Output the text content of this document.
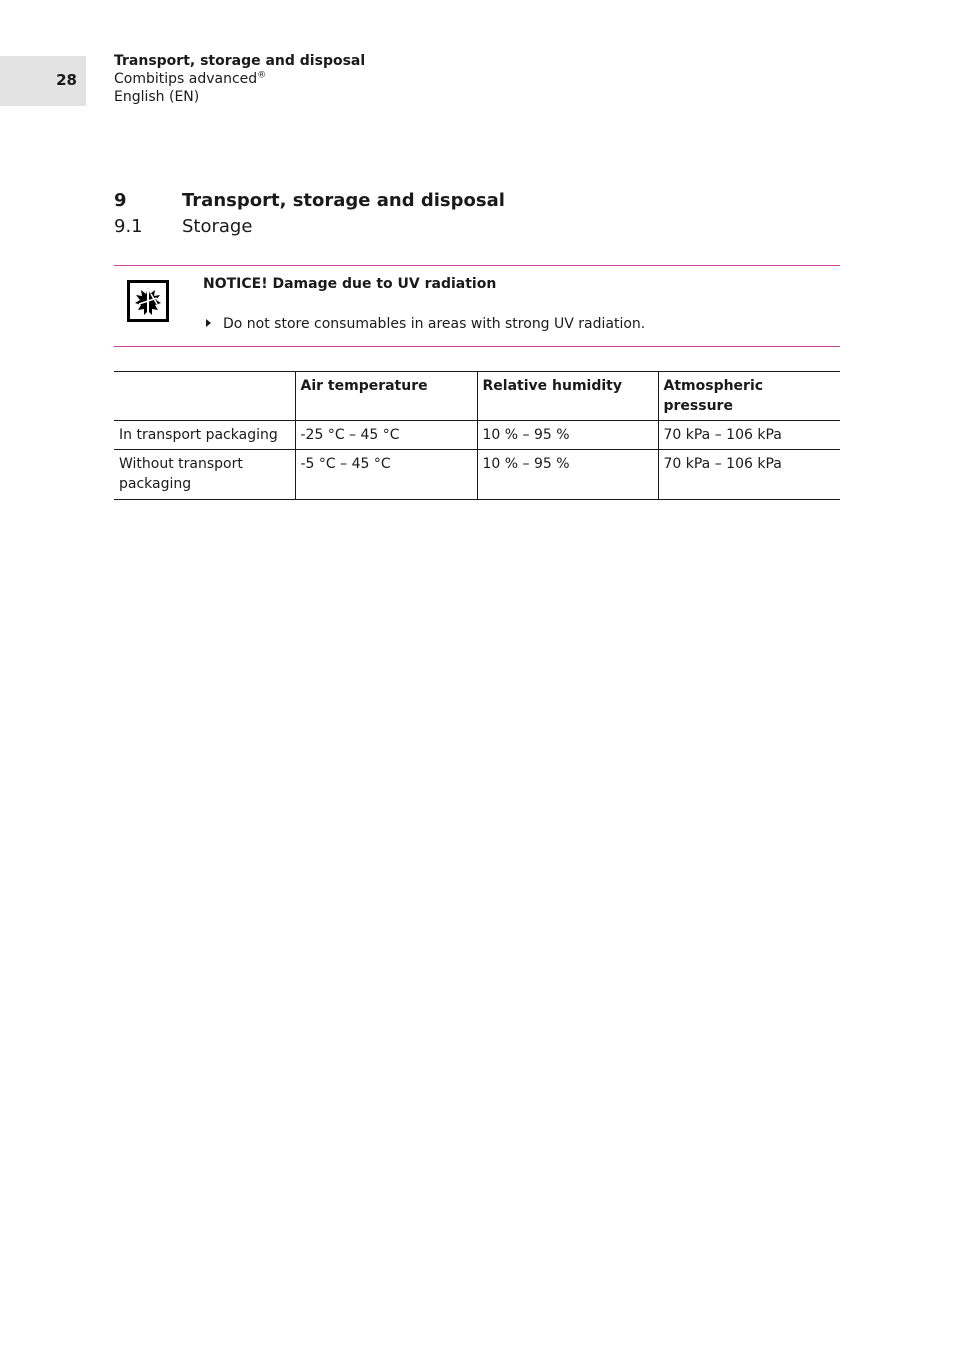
28
Transport, storage and disposal
Combitips advanced®
English (EN)
9	Transport, storage and disposal
9.1 Storage
NOTICE! Damage due to UV radiation
Do not store consumables in areas with strong UV radiation.
	Air temperature	Relative humidity	Atmospheric pressure
In transport packaging	-25 °C – 45 °C	10 % – 95 %	70 kPa – 106 kPa
Without transport packaging	-5 °C – 45 °C	10 % – 95 %	70 kPa – 106 kPa
